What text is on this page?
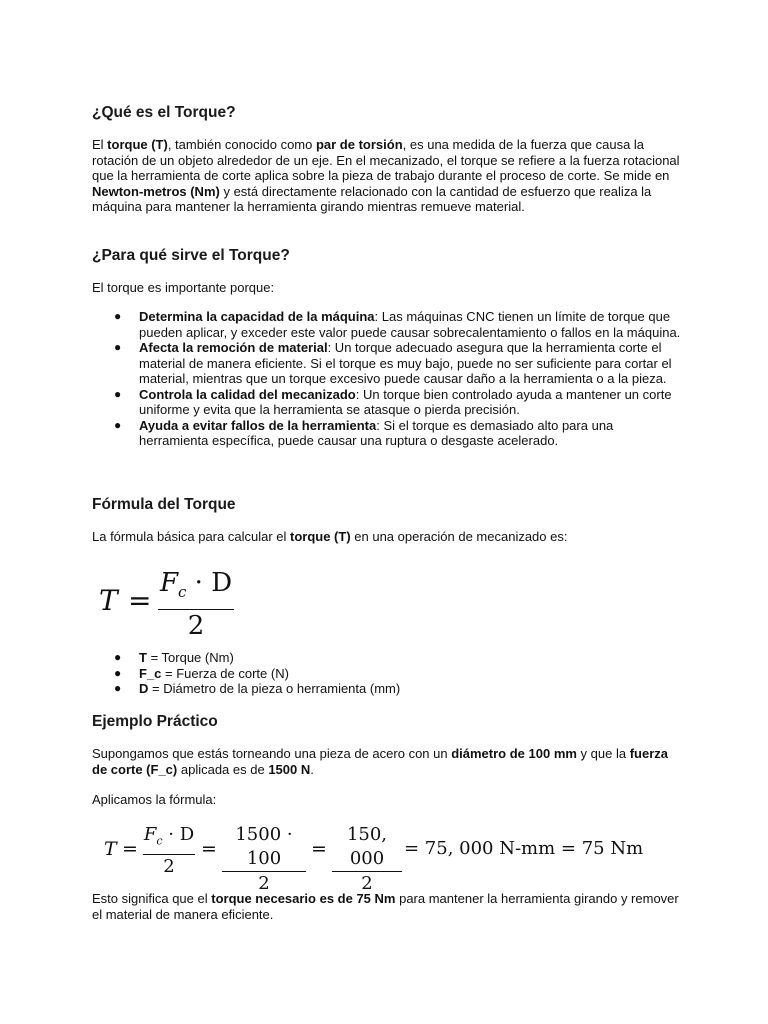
¿Qué es el Torque?

El torque (T), también conocido como par de torsión, es una medida de la fuerza que causa la rotación de un objeto alrededor de un eje. En el mecanizado, el torque se refiere a la fuerza rotacional que la herramienta de corte aplica sobre la pieza de trabajo durante el proceso de corte. Se mide en Newton-metros (Nm) y está directamente relacionado con la cantidad de esfuerzo que realiza la máquina para mantener la herramienta girando mientras remueve material.

¿Para qué sirve el Torque?

El torque es importante porque:

● Determina la capacidad de la máquina: Las máquinas CNC tienen un límite de torque que pueden aplicar, y exceder este valor puede causar sobrecalentamiento o fallos en la máquina.
● Afecta la remoción de material: Un torque adecuado asegura que la herramienta corte el material de manera eficiente. Si el torque es muy bajo, puede no ser suficiente para cortar el material, mientras que un torque excesivo puede causar daño a la herramienta o a la pieza.
● Controla la calidad del mecanizado: Un torque bien controlado ayuda a mantener un corte uniforme y evita que la herramienta se atasque o pierda precisión.
● Ayuda a evitar fallos de la herramienta: Si el torque es demasiado alto para una herramienta específica, puede causar una ruptura o desgaste acelerado.
Fórmula del Torque

La fórmula básica para calcular el torque (T) en una operación de mecanizado es:

T =
$F_c \cdot D$
2
● T = Torque (Nm)
● F_c = Fuerza de corte (N)
● D = Diámetro de la pieza o herramienta (mm)
Ejemplo Práctico

Supongamos que estás torneando una pieza de acero con un diámetro de 100 mm y que la fuerza de corte (F_c) aplicada es de 1500 N.

Aplicamos la fórmula:

T =
$F_c \cdot D$
2
=
1500 · 100
2
=
150, 000
2
= 75, 000 N-mm = 75 Nm

Esto significa que el torque necesario es de 75 Nm para mantener la herramienta girando y remover el material de manera eficiente.
